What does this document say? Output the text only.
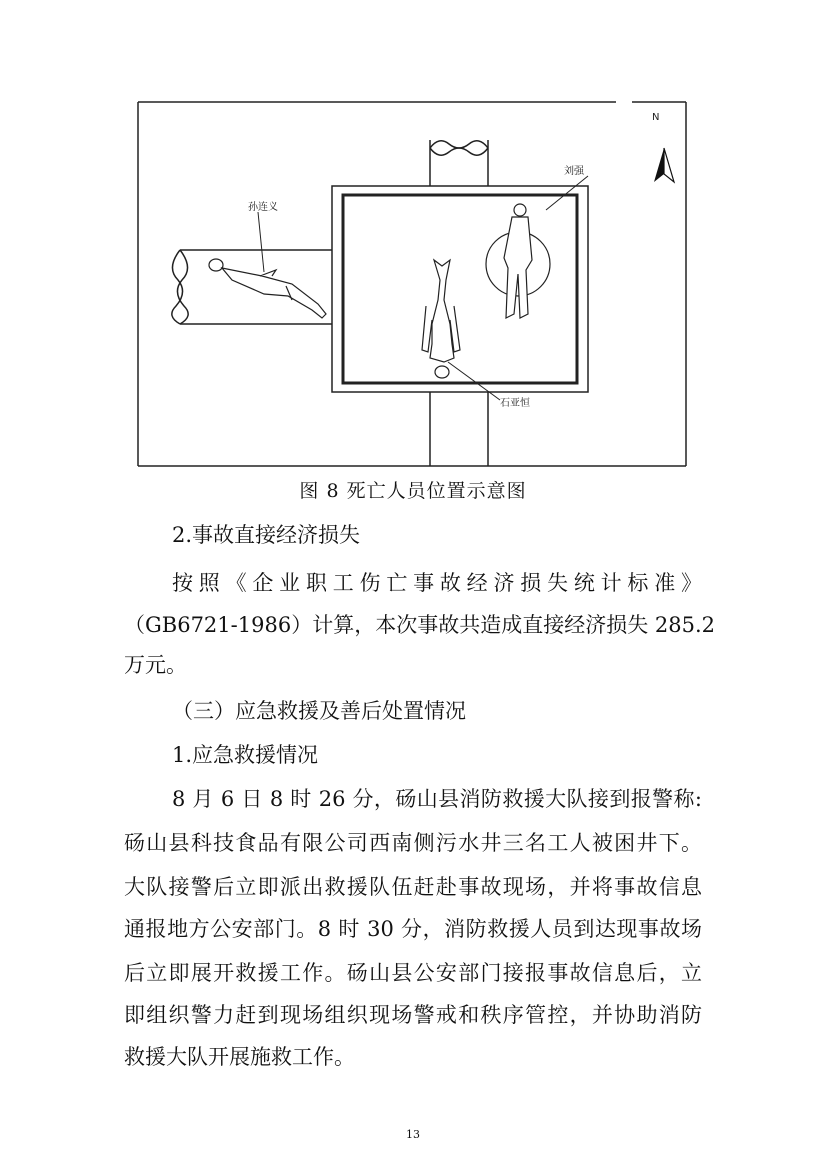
N
孙连义
刘强
石亚恒
图 8 死亡人员位置示意图
2.事故直接经济损失
按照《企业职工伤亡事故经济损失统计标准》
（GB6721-1986）计算，本次事故共造成直接经济损失 285.2
万元。
（三）应急救援及善后处置情况
1.应急救援情况
8 月 6 日 8 时 26 分，砀山县消防救援大队接到报警称:
砀山县科技食品有限公司西南侧污水井三名工人被困井下。
大队接警后立即派出救援队伍赶赴事故现场，并将事故信息
通报地方公安部门。8 时 30 分，消防救援人员到达现事故场
后立即展开救援工作。砀山县公安部门接报事故信息后，立
即组织警力赶到现场组织现场警戒和秩序管控，并协助消防
救援大队开展施救工作。
13
